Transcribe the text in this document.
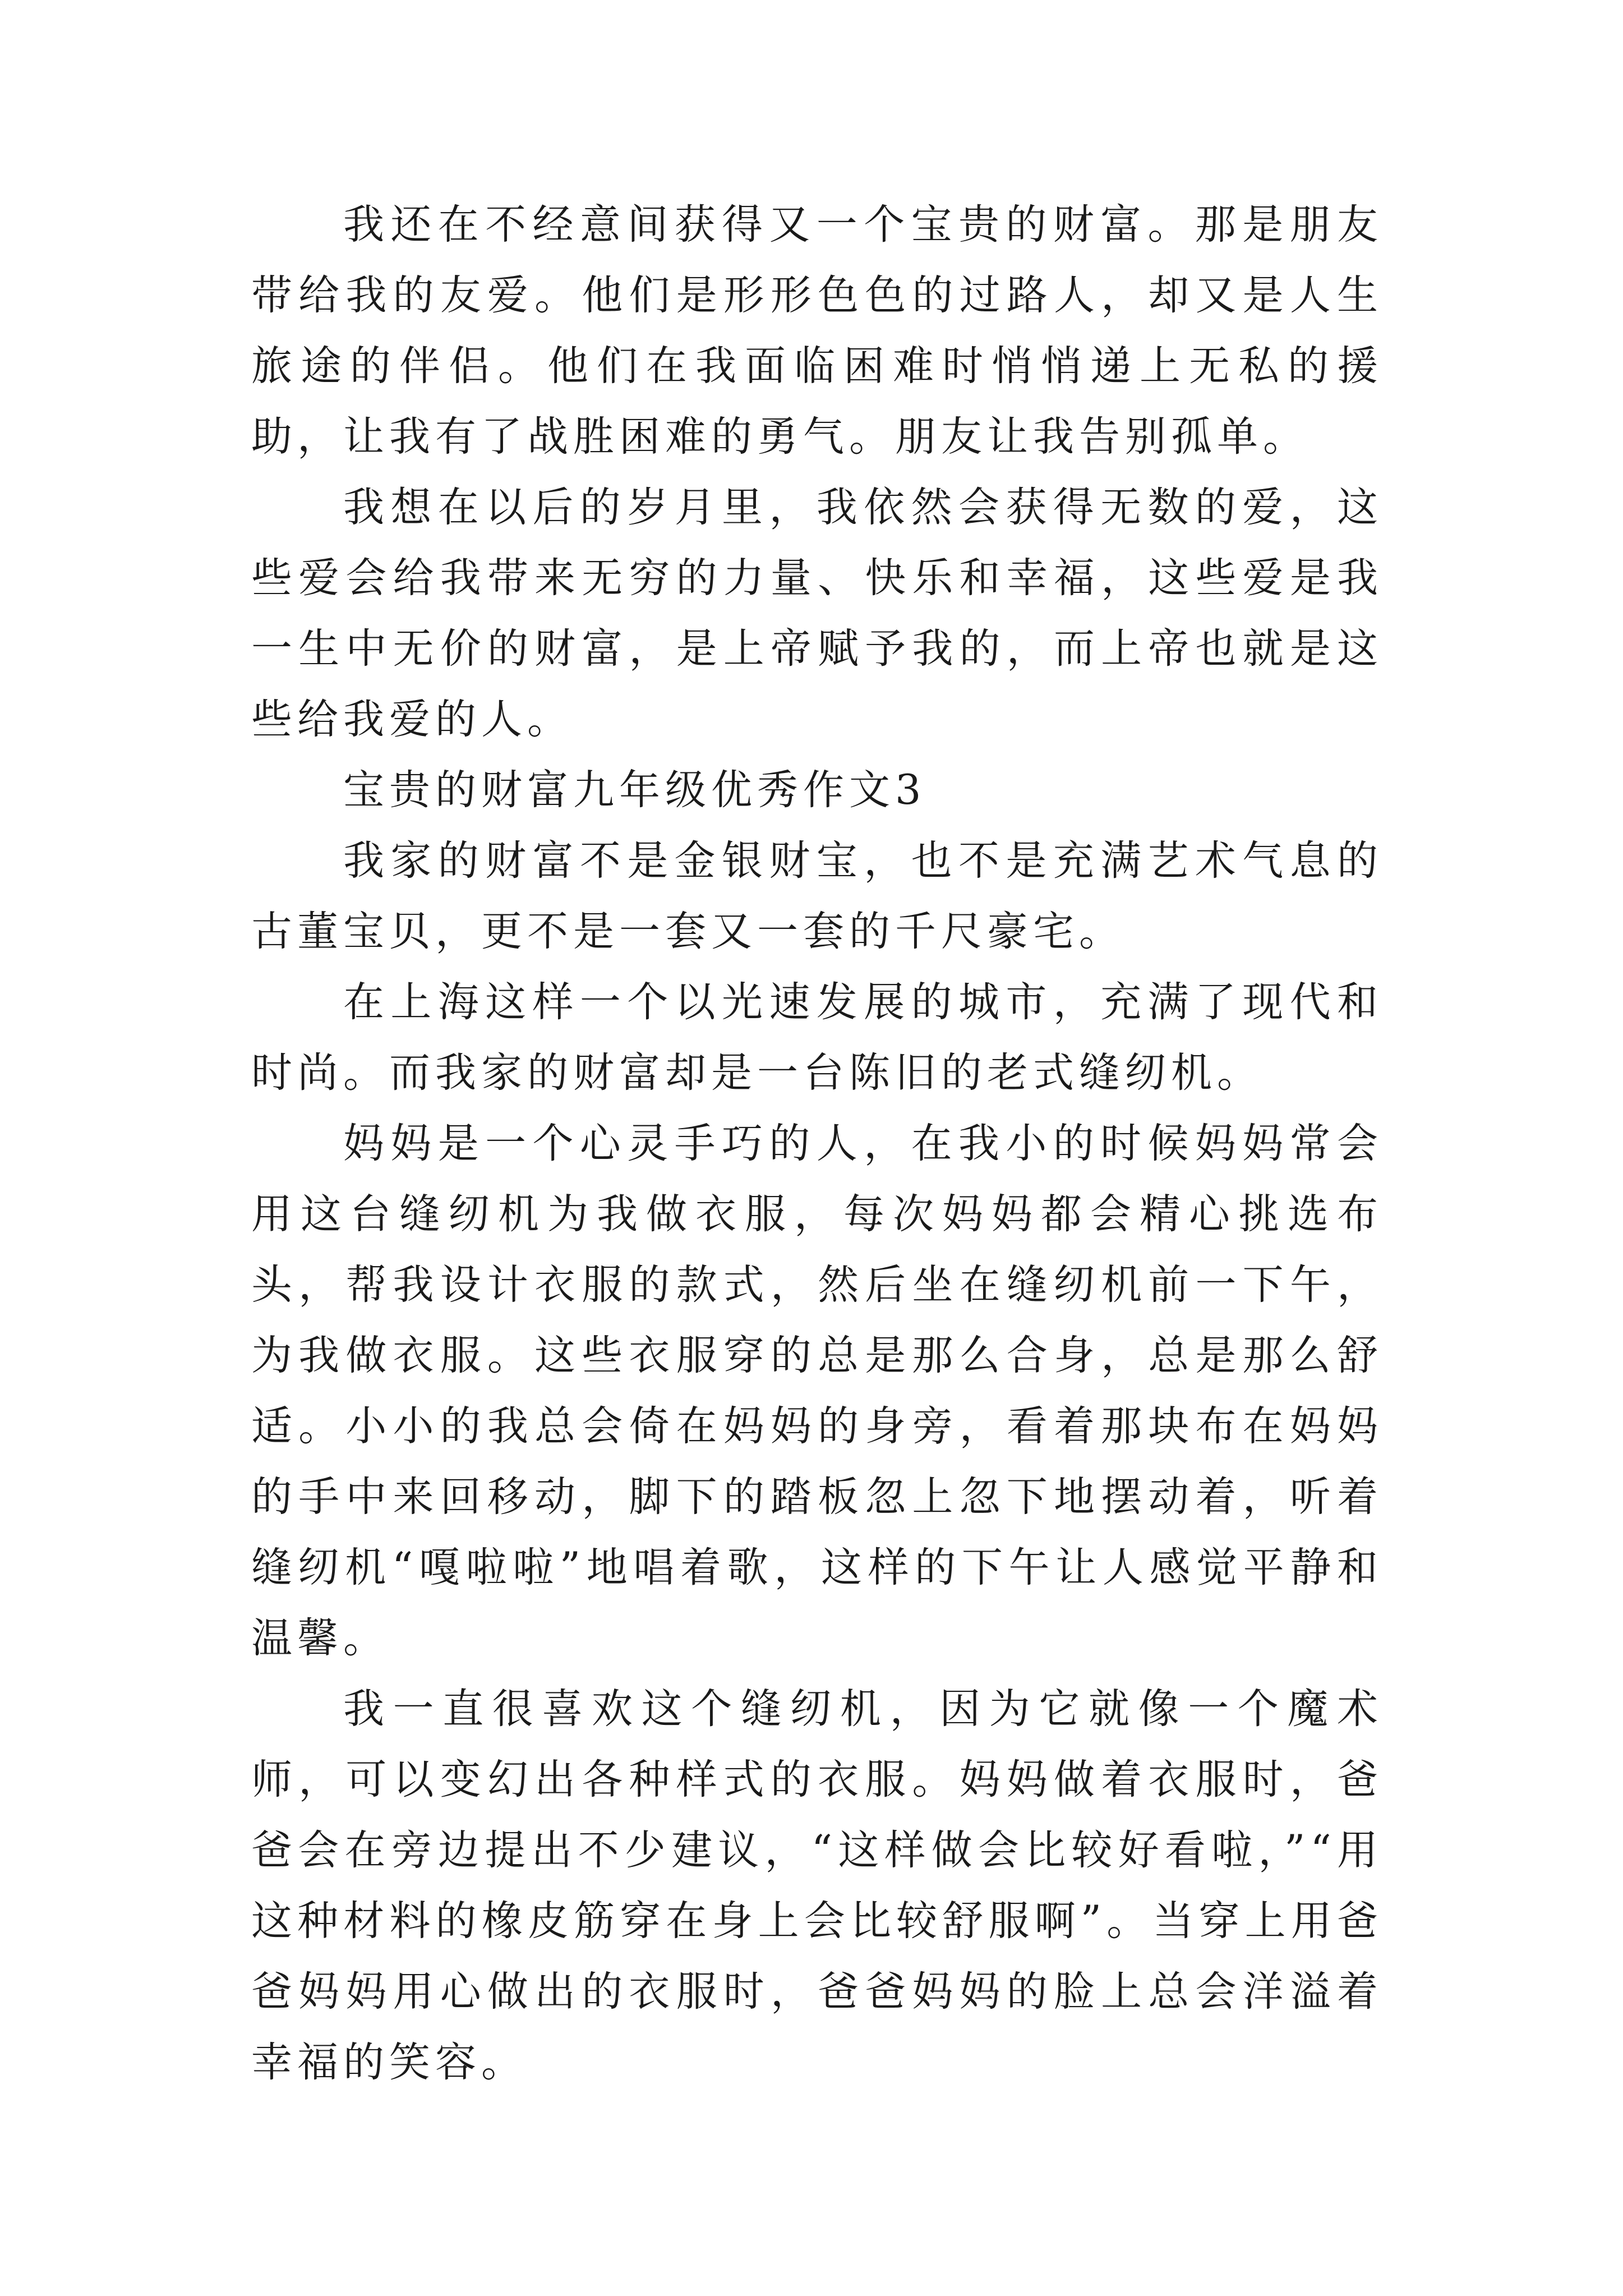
我还在不经意间获得又一个宝贵的财富。那是朋友带给我的友爱。他们是形形色色的过路人，却又是人生旅途的伴侣。他们在我面临困难时悄悄递上无私的援助，让我有了战胜困难的勇气。朋友让我告别孤单。

我想在以后的岁月里，我依然会获得无数的爱，这些爱会给我带来无穷的力量、快乐和幸福，这些爱是我一生中无价的财富，是上帝赋予我的，而上帝也就是这些给我爱的人。

宝贵的财富九年级优秀作文3

我家的财富不是金银财宝，也不是充满艺术气息的古董宝贝，更不是一套又一套的千尺豪宅。

在上海这样一个以光速发展的城市，充满了现代和时尚。而我家的财富却是一台陈旧的老式缝纫机。

妈妈是一个心灵手巧的人，在我小的时候妈妈常会用这台缝纫机为我做衣服，每次妈妈都会精心挑选布头，帮我设计衣服的款式，然后坐在缝纫机前一下午，为我做衣服。这些衣服穿的总是那么合身，总是那么舒适。小小的我总会倚在妈妈的身旁，看着那块布在妈妈的手中来回移动，脚下的踏板忽上忽下地摆动着，听着缝纫机“嘎啦啦”地唱着歌，这样的下午让人感觉平静和温馨。

我一直很喜欢这个缝纫机，因为它就像一个魔术师，可以变幻出各种样式的衣服。妈妈做着衣服时，爸爸会在旁边提出不少建议，“这样做会比较好看啦，”“用这种材料的橡皮筋穿在身上会比较舒服啊”。当穿上用爸爸妈妈用心做出的衣服时，爸爸妈妈的脸上总会洋溢着幸福的笑容。
